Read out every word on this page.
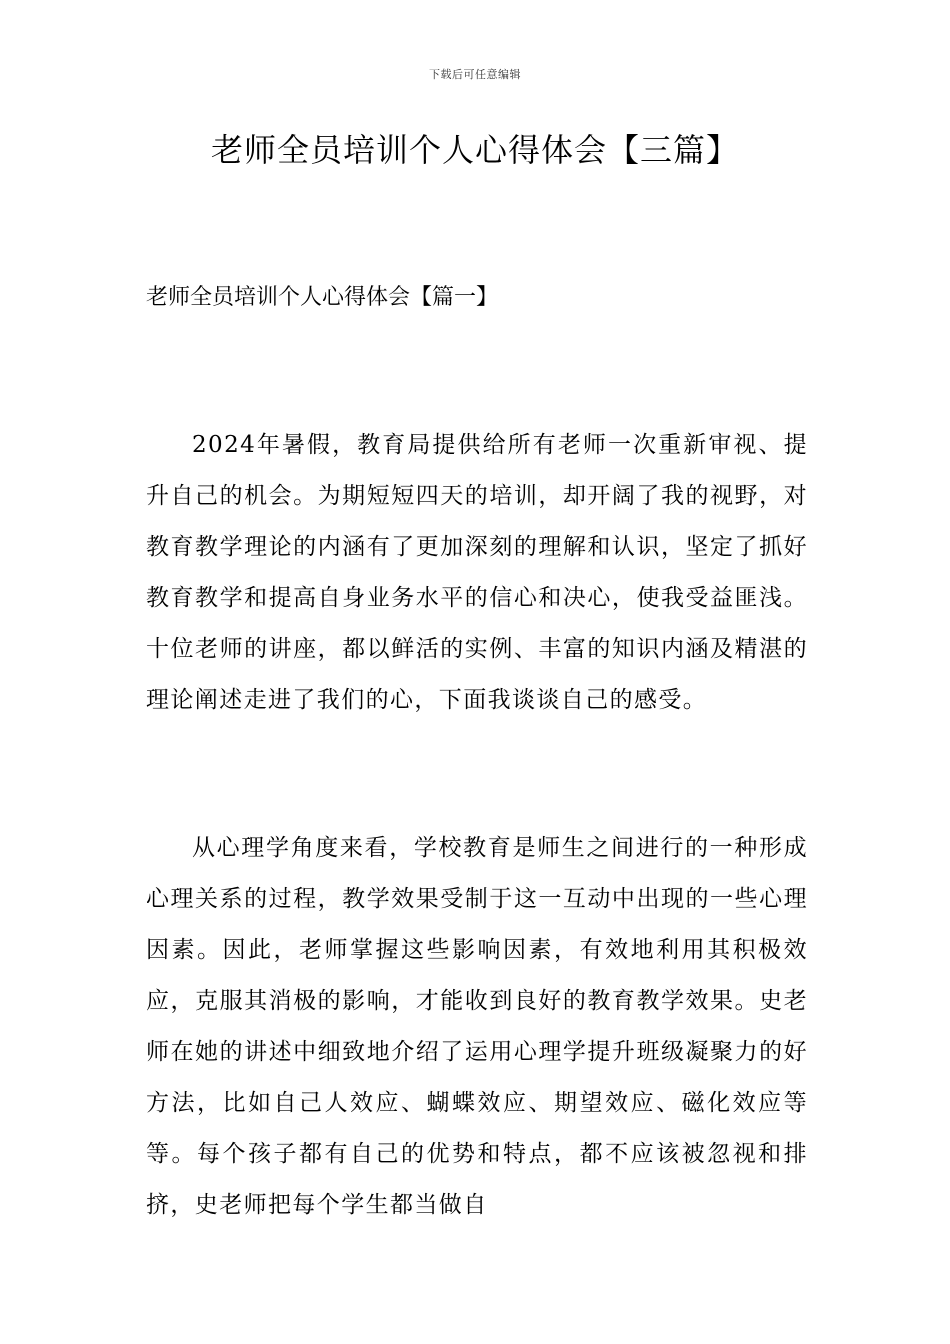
下载后可任意编辑
老师全员培训个人心得体会【三篇】
老师全员培训个人心得体会【篇一】

2024年暑假，教育局提供给所有老师一次重新审视、提升自己的机会。为期短短四天的培训，却开阔了我的视野，对教育教学理论的内涵有了更加深刻的理解和认识，坚定了抓好教育教学和提高自身业务水平的信心和决心，使我受益匪浅。十位老师的讲座，都以鲜活的实例、丰富的知识内涵及精湛的理论阐述走进了我们的心，下面我谈谈自己的感受。

从心理学角度来看，学校教育是师生之间进行的一种形成心理关系的过程，教学效果受制于这一互动中出现的一些心理因素。因此，老师掌握这些影响因素，有效地利用其积极效应，克服其消极的影响，才能收到良好的教育教学效果。史老师在她的讲述中细致地介绍了运用心理学提升班级凝聚力的好方法，比如自己人效应、蝴蝶效应、期望效应、磁化效应等等。每个孩子都有自己的优势和特点，都不应该被忽视和排挤，史老师把每个学生都当做自
